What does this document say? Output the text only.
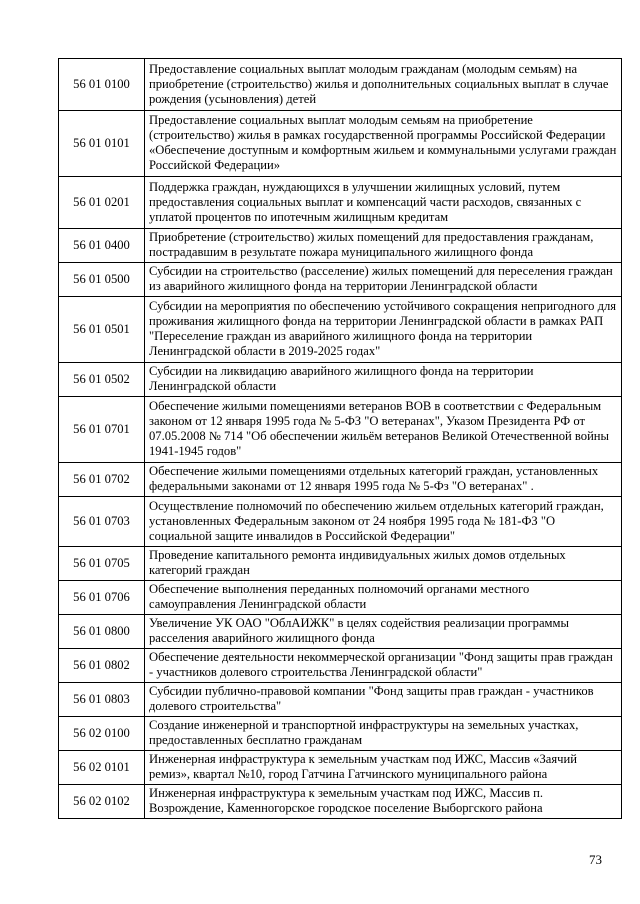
56 01 0100	Предоставление социальных выплат молодым гражданам (молодым семьям) на приобретение (строительство) жилья и дополнительных социальных выплат в случае рождения (усыновления) детей
56 01 0101	Предоставление социальных выплат молодым семьям на приобретение (строительство) жилья в рамках государственной программы Российской Федерации «Обеспечение доступным и комфортным жильем и коммунальными услугами граждан Российской Федерации»
56 01 0201	Поддержка граждан, нуждающихся в улучшении жилищных условий, путем предоставления социальных выплат и компенсаций части расходов, связанных с уплатой процентов по ипотечным жилищным кредитам
56 01 0400	Приобретение (строительство) жилых помещений для предоставления гражданам, пострадавшим в результате пожара муниципального жилищного фонда
56 01 0500	Субсидии на строительство (расселение) жилых помещений для переселения граждан из аварийного жилищного фонда на территории Ленинградской области
56 01 0501	Субсидии на мероприятия по обеспечению устойчивого сокращения непригодного для проживания жилищного фонда на территории Ленинградской области в рамках РАП "Переселение граждан из аварийного жилищного фонда на территории Ленинградской области в 2019-2025 годах"
56 01 0502	Субсидии на ликвидацию аварийного жилищного фонда на территории Ленинградской области
56 01 0701	Обеспечение жилыми помещениями ветеранов ВОВ в соответствии с Федеральным законом от 12 января 1995 года № 5-ФЗ "О ветеранах", Указом Президента РФ от 07.05.2008 № 714 "Об обеспечении жильём ветеранов Великой Отечественной войны 1941-1945 годов"
56 01 0702	Обеспечение жилыми помещениями отдельных категорий граждан, установленных федеральными законами от 12 января 1995 года № 5-Фз "О ветеранах" .
56 01 0703	Осуществление полномочий по обеспечению жильем отдельных категорий граждан, установленных Федеральным законом от 24 ноября 1995 года № 181-ФЗ "О социальной защите инвалидов в Российской Федерации"
56 01 0705	Проведение капитального ремонта индивидуальных жилых домов отдельных категорий граждан
56 01 0706	Обеспечение выполнения переданных полномочий органами местного самоуправления Ленинградской области
56 01 0800	Увеличение УК ОАО "ОблАИЖК" в целях содействия реализации программы расселения аварийного жилищного фонда
56 01 0802	Обеспечение деятельности некоммерческой организации "Фонд защиты прав граждан - участников долевого строительства Ленинградской области"
56 01 0803	Субсидии публично-правовой компании "Фонд защиты прав граждан - участников долевого строительства"
56 02 0100	Создание инженерной и транспортной инфраструктуры на земельных участках, предоставленных бесплатно гражданам
56 02 0101	Инженерная инфраструктура к земельным участкам под ИЖС, Массив «Заячий ремиз», квартал №10, город Гатчина Гатчинского муниципального района
56 02 0102	Инженерная инфраструктура к земельным участкам под ИЖС, Массив п. Возрождение, Каменногорское городское поселение Выборгского района
73
